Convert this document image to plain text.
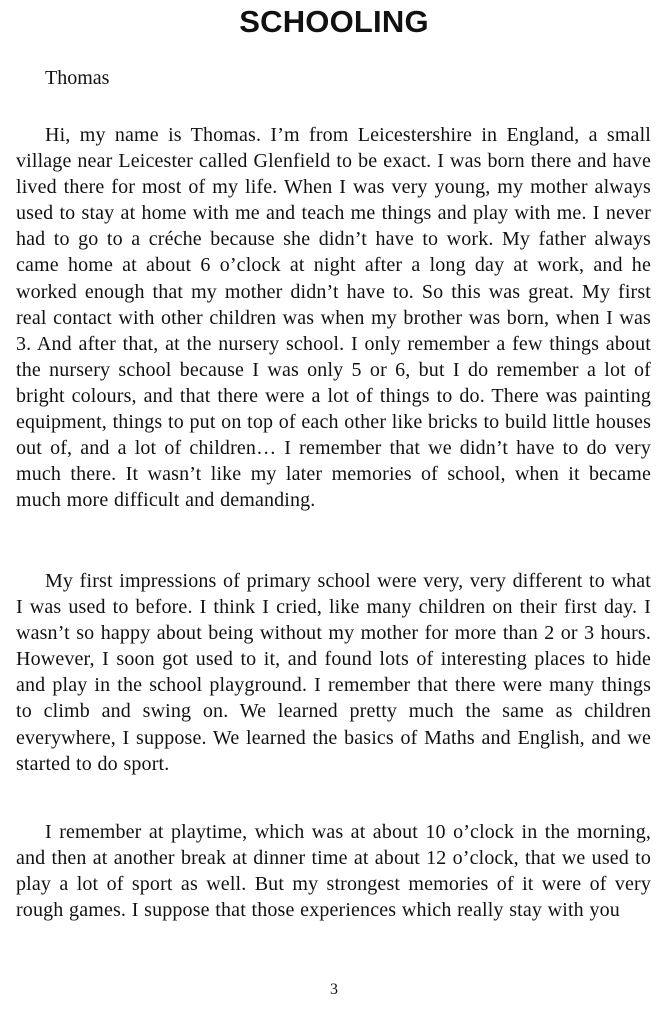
SCHOOLING

Thomas

Hi, my name is Thomas. I’m from Leicestershire in England, a small village near Leicester called Glenfield to be exact. I was born there and have lived there for most of my life. When I was very young, my mother always used to stay at home with me and teach me things and play with me. I never had to go to a créche because she didn’t have to work. My father always came home at about 6 o’clock at night after a long day at work, and he worked enough that my mother didn’t have to. So this was great. My first real contact with other children was when my brother was born, when I was 3. And after that, at the nursery school. I only remember a few things about the nursery school because I was only 5 or 6, but I do remember a lot of bright colours, and that there were a lot of things to do. There was painting equipment, things to put on top of each other like bricks to build little houses out of, and a lot of children… I remember that we didn’t have to do very much there. It wasn’t like my later memories of school, when it became much more difficult and demanding.

My first impressions of primary school were very, very different to what I was used to before. I think I cried, like many children on their first day. I wasn’t so happy about being without my mother for more than 2 or 3 hours. However, I soon got used to it, and found lots of interesting places to hide and play in the school playground. I remember that there were many things to climb and swing on. We learned pretty much the same as children everywhere, I suppose. We learned the basics of Maths and English, and we started to do sport.

I remember at playtime, which was at about 10 o’clock in the morning, and then at another break at dinner time at about 12 o’clock, that we used to play a lot of sport as well. But my strongest memories of it were of very rough games. I suppose that those experiences which really stay with you

3
